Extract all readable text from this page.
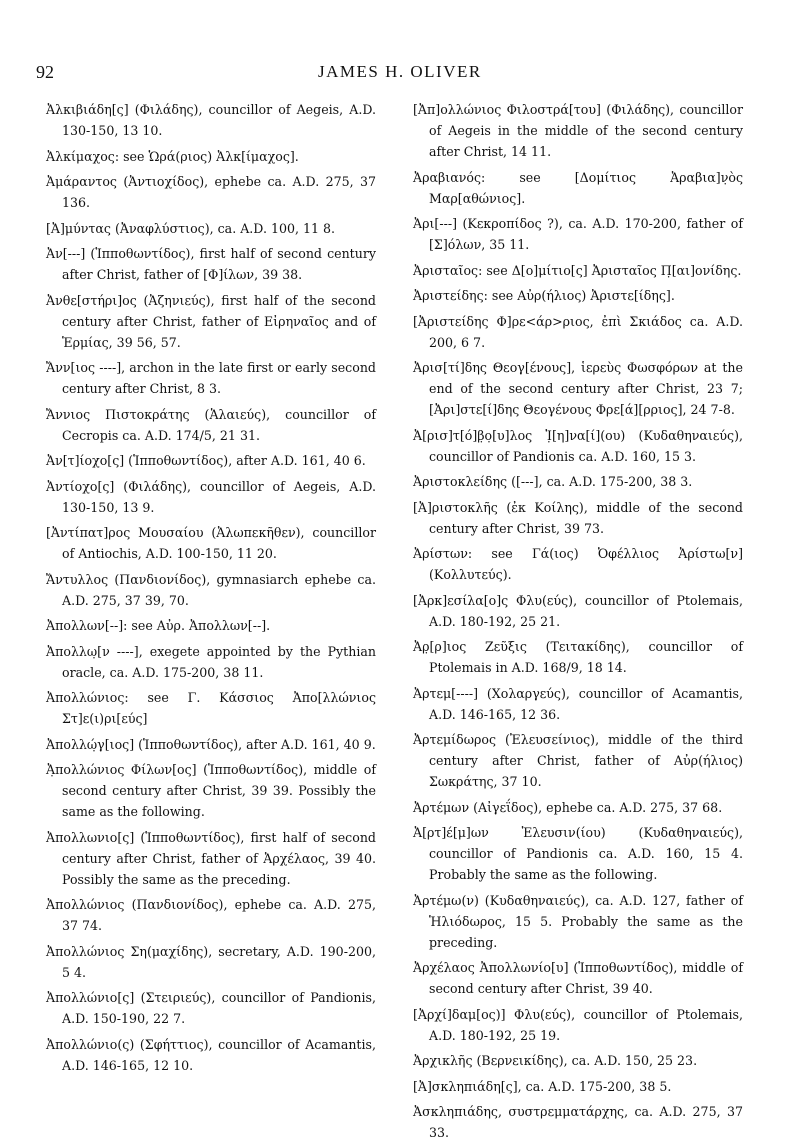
92	JAMES H. OLIVER

Ἀλκιβιάδη[ς] (Φιλάδης), councillor of Aegeis, A.D. 130-150, 13 10.

Ἀλκίμαχος: see Ὡρά(ριος) Ἀλκ[ίμαχος].

Ἀμάραντος (Ἀντιοχίδος), ephebe ca. A.D. 275, 37 136.

[Ἀ]μύντας (Ἀναφλύστιος), ca. A.D. 100, 11 8.

Ἀν[---] (Ἱπποθωντίδος), first half of second century after Christ, father of [Φ]ίλων, 39 38.

Ἀνθε[στήρι]ος (Ἀζηνιεύς), first half of the second century after Christ, father of Εἰρηναῖος and of Ἑρμίας, 39 56, 57.

Ἄνν[ιος ----], archon in the late first or early second century after Christ, 8 3.

Ἄννιος Πιστοκράτης (Ἁλαιεύς), councillor of Cecropis ca. A.D. 174/5, 21 31.

Ἀν[τ]ίοχο[ς] (Ἱπποθωντίδος), after A.D. 161, 40 6.

Ἀντίοχο[ς] (Φιλάδης), councillor of Aegeis, A.D. 130-150, 13 9.

[Ἀντίπατ]ρος Μουσαίου (Ἀλωπεκῆθεν), councillor of Antiochis, A.D. 100-150, 11 20.

Ἄντυλλος (Πανδιονίδος), gymnasiarch ephebe ca. A.D. 275, 37 39, 70.

Ἀπολλων[--]: see Αὐρ. Ἀπολλων[--].

Ἀπολλω̣[ν ----], exegete appointed by the Pythian oracle, ca. A.D. 175-200, 38 11.

Ἀπολλώνιος: see Γ. Κάσσιος Ἀπο[λλώνιος Στ]ε(ι)ρι[εύς]

Ἀπολλώ̣γ[ιος] (Ἱπποθωντίδος), after A.D. 161, 40 9.

Ἀ̣πολλώνιος Φίλων[ος] (Ἱπποθωντίδος), middle of second century after Christ, 39 39. Possibly the same as the following.

Ἀπολλωνιο[ς] (Ἱπποθωντίδος), first half of second century after Christ, father of Ἀρχέλαος, 39 40. Possibly the same as the preceding.

Ἀπολλώνιος (Πανδιονίδος), ephebe ca. A.D. 275, 37 74.

Ἀπολλώνιος Ση(μαχίδης), secretary, A.D. 190-200, 5 4.

Ἀπολλώνιο[ς] (Στειριεύς), councillor of Pandionis, A.D. 150-190, 22 7.

Ἀπολλώνιο(ς) (Σφήττιος), councillor of Acamantis, A.D. 146-165, 12 10.

[Ἀπ]ολλώνιος Φιλοστρά[του] (Φιλάδης), councillor of Aegeis in the middle of the second century after Christ, 14 11.

Ἀραβιανός: see [Δομίτιος Ἀραβια]ν̣ὸς Μαρ[αθώνιος].

Ἀρι[---] (Κεκροπίδος ?), ca. A.D. 170-200, father of [Σ]όλων, 35 11.

Ἀρισταῖος: see Δ[ο]μίτιο[ς] Ἀρισταῖος Π̣[αι]ονίδης.

Ἀριστείδης: see Αὐρ(ήλιος) Ἀριστε[ίδης].

[Ἀριστείδης Φ]ρε<άρ>ριος, ἐπὶ Σκιάδος ca. A.D. 200, 6 7.

Ἀρισ[τί]δης Θεογ[ένους], ἱερεὺς Φωσφόρων at the end of the second century after Christ, 23 7; [Ἀρι]στε[ί]δης Θεογένους Φρε[ά][ρριος], 24 7-8.

Ἀ[ρισ]τ[ό]β̣ο̣[υ]λος Ἰ̣[η]να[ί](ου) (Κυδαθηναιεύς), councillor of Pandionis ca. A.D. 160, 15 3.

Ἀριστοκλείδης ([---], ca. A.D. 175-200, 38 3.

[Ἀ]ριστοκλῆς (ἐκ Κοίλης), middle of the second century after Christ, 39 73.

Ἀρίστων: see Γά(ιος) Ὀφέλλιος Ἀρίστω[ν] (Κολλυτεύς).

[Ἀρκ]εσίλα[ο]ς Φλυ(εύς), councillor of Ptolemais, A.D. 180-192, 25 21.

Ἀρ̣[ρ]ιος Ζεῦξις (Τειτακίδης), councillor of Ptolemais in A.D. 168/9, 18 14.

Ἀρτεμ[----] (Χολαργεύς), councillor of Acamantis, A.D. 146-165, 12 36.

Ἀρτεμίδωρος (Ἐλευσείνιος), middle of the third century after Christ, father of Αὐρ(ήλιος) Σωκράτης, 37 10.

Ἀρτέμων (Αἰγεΐδος), ephebe ca. A.D. 275, 37 68.

Ἀ[ρτ]έ[μ]ων Ἐλευσιν(ίου) (Κυδαθηναιεύς), councillor of Pandionis ca. A.D. 160, 15 4. Probably the same as the following.

Ἀρτέμω(ν) (Κυδαθηναιεύς), ca. A.D. 127, father of Ἡλιόδωρος, 15 5. Probably the same as the preceding.

Ἀρχέλαος Ἀπολλωνίο[υ] (Ἱπποθωντίδος), middle of second century after Christ, 39 40.

[Ἀρχί]δαμ[ος)] Φλυ(εύς), councillor of Ptolemais, A.D. 180-192, 25 19.

Ἀρχικλῆς (Βερνεικίδης), ca. A.D. 150, 25 23.

[Ἀ]σκληπιάδη[ς], ca. A.D. 175-200, 38 5.

Ἀσκληπιάδης, συστρεμματάρχης, ca. A.D. 275, 37 33.
